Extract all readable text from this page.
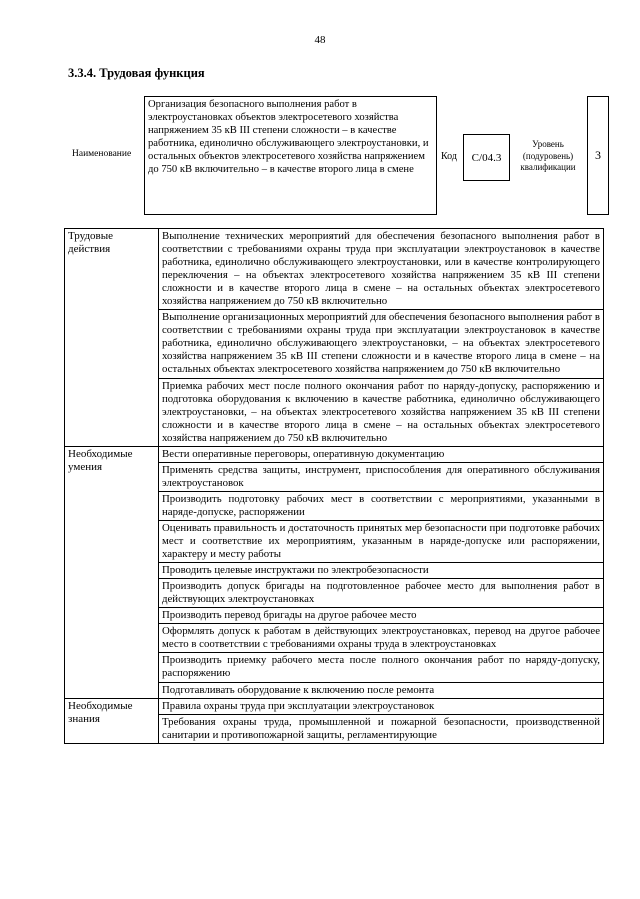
48
3.3.4. Трудовая функция
Наименование
Организация безопасного выполнения работ в электроустановках объектов электросетевого хозяйства напряжением 35 кВ III степени сложности – в качестве работника, единолично обслуживающего электроустановки, и остальных объектов электросетевого хозяйства напряжением до 750 кВ включительно – в качестве второго лица в смене
Код	C/04.3
Уровень
(подуровень)
квалификации
3
Трудовые действия	Выполнение технических мероприятий для обеспечения безопасного выполнения работ в соответствии с требованиями охраны труда при эксплуатации электроустановок в качестве работника, единолично обслуживающего электроустановки, или в качестве контролирующего переключения – на объектах электросетевого хозяйства напряжением 35 кВ III степени сложности и в качестве второго лица в смене – на остальных объектах электросетевого хозяйства напряжением до 750 кВ включительно
	Выполнение организационных мероприятий для обеспечения безопасного выполнения работ в соответствии с требованиями охраны труда при эксплуатации электроустановок в качестве работника, единолично обслуживающего электроустановки, – на объектах электросетевого хозяйства напряжением 35 кВ III степени сложности и в качестве второго лица в смене – на остальных объектах электросетевого хозяйства напряжением до 750 кВ включительно
	Приемка рабочих мест после полного окончания работ по наряду-допуску, распоряжению и подготовка оборудования к включению в качестве работника, единолично обслуживающего электроустановки, – на объектах электросетевого хозяйства напряжением 35 кВ III степени сложности и в качестве второго лица в смене – на остальных объектах электросетевого хозяйства напряжением до 750 кВ включительно
Необходимые умения	Вести оперативные переговоры, оперативную документацию
	Применять средства защиты, инструмент, приспособления для оперативного обслуживания электроустановок
	Производить подготовку рабочих мест в соответствии с мероприятиями, указанными в наряде-допуске, распоряжении
	Оценивать правильность и достаточность принятых мер безопасности при подготовке рабочих мест и соответствие их мероприятиям, указанным в наряде-допуске или распоряжении, характеру и месту работы
	Проводить целевые инструктажи по электробезопасности
	Производить допуск бригады на подготовленное рабочее место для выполнения работ в действующих электроустановках
	Производить перевод бригады на другое рабочее место
	Оформлять допуск к работам в действующих электроустановках, перевод на другое рабочее место в соответствии с требованиями охраны труда в электроустановках
	Производить приемку рабочего места после полного окончания работ по наряду-допуску, распоряжению
	Подготавливать оборудование к включению после ремонта
Необходимые знания	Правила охраны труда при эксплуатации электроустановок
	Требования охраны труда, промышленной и пожарной безопасности, производственной санитарии и противопожарной защиты, регламентирующие
